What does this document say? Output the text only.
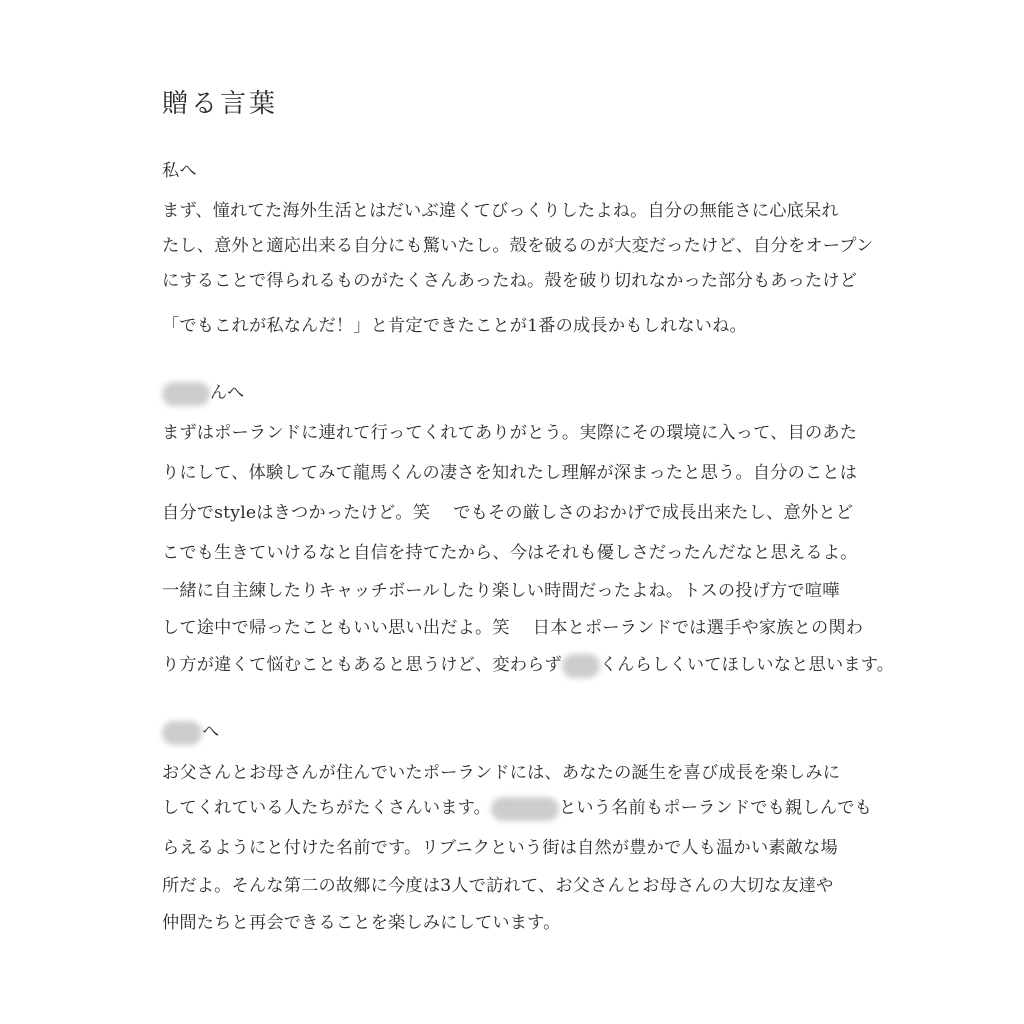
贈る言葉
私へ
まず、憧れてた海外生活とはだいぶ違くてびっくりしたよね。自分の無能さに心底呆れ
たし、意外と適応出来る自分にも驚いたし。殻を破るのが大変だったけど、自分をオープン
にすることで得られるものがたくさんあったね。殻を破り切れなかった部分もあったけど
「でもこれが私なんだ！」と肯定できたことが1番の成長かもしれないね。
んへ
まずはポーランドに連れて行ってくれてありがとう。実際にその環境に入って、目のあた
りにして、体験してみて龍馬くんの凄さを知れたし理解が深まったと思う。自分のことは
自分でstyleはきつかったけど。笑　 でもその厳しさのおかげで成長出来たし、意外とど
こでも生きていけるなと自信を持てたから、今はそれも優しさだったんだなと思えるよ。
一緒に自主練したりキャッチボールしたり楽しい時間だったよね。トスの投げ方で喧嘩
して途中で帰ったこともいい思い出だよ。笑　 日本とポーランドでは選手や家族との関わ
り方が違くて悩むこともあると思うけど、変わらず くんらしくいてほしいなと思います。
へ
お父さんとお母さんが住んでいたポーランドには、あなたの誕生を喜び成長を楽しみに
してくれている人たちがたくさんいます。	という名前もポーランドでも親しんでも
らえるようにと付けた名前です。リブニクという街は自然が豊かで人も温かい素敵な場
所だよ。そんな第二の故郷に今度は3人で訪れて、お父さんとお母さんの大切な友達や
仲間たちと再会できることを楽しみにしています。
